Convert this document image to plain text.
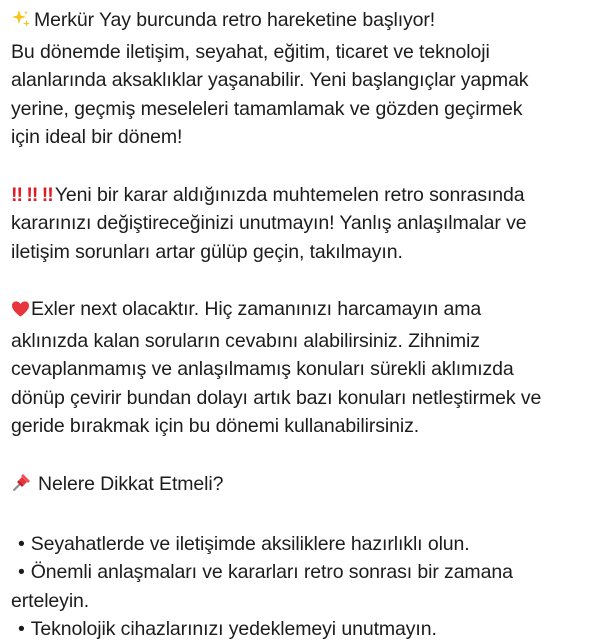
Merkür Yay burcunda retro hareketine başlıyor!
Bu dönemde iletişim, seyahat, eğitim, ticaret ve teknoloji
alanlarında aksaklıklar yaşanabilir. Yeni başlangıçlar yapmak
yerine, geçmiş meseleleri tamamlamak ve gözden geçirmek
için ideal bir dönem!
!! !! !! Yeni bir karar aldığınızda muhtemelen retro sonrasında
kararınızı değiştireceğinizi unutmayın! Yanlış anlaşılmalar ve
iletişim sorunları artar gülüp geçin, takılmayın.
Exler next olacaktır. Hiç zamanınızı harcamayın ama
aklınızda kalan soruların cevabını alabilirsiniz. Zihnimiz
cevaplanmamış ve anlaşılmamış konuları sürekli aklımızda
dönüp çevirir bundan dolayı artık bazı konuları netleştirmek ve
geride bırakmak için bu dönemi kullanabilirsiniz.
Nelere Dikkat Etmeli?
• Seyahatlerde ve iletişimde aksiliklere hazırlıklı olun.
• Önemli anlaşmaları ve kararları retro sonrası bir zamana
erteleyin.
• Teknolojik cihazlarınızı yedeklemeyi unutmayın.
